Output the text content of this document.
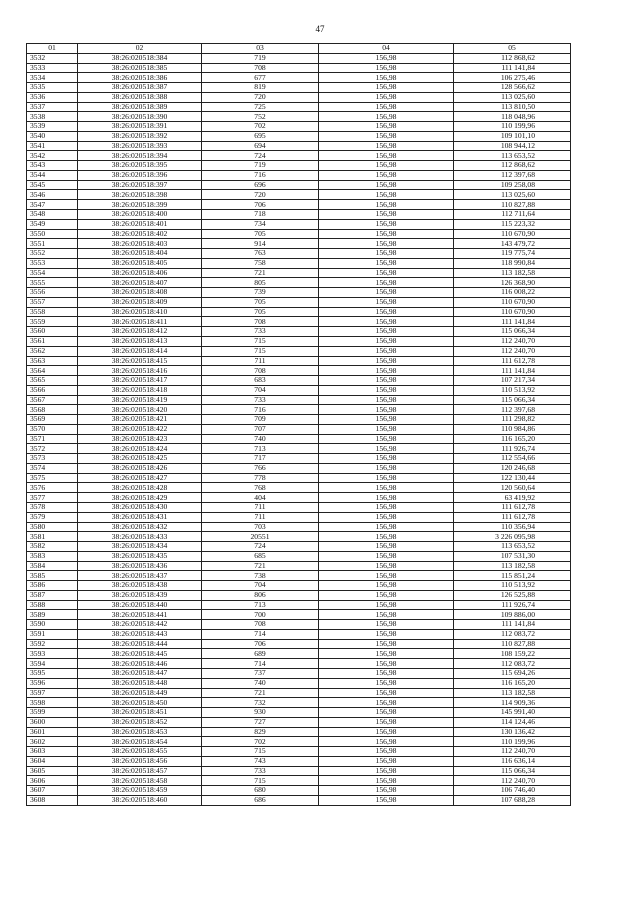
47
01	02	03	04	05
3532	38:26:020518:384	719	156,98	112 868,62
3533	38:26:020518:385	708	156,98	111 141,84
3534	38:26:020518:386	677	156,98	106 275,46
3535	38:26:020518:387	819	156,98	128 566,62
3536	38:26:020518:388	720	156,98	113 025,60
3537	38:26:020518:389	725	156,98	113 810,50
3538	38:26:020518:390	752	156,98	118 048,96
3539	38:26:020518:391	702	156,98	110 199,96
3540	38:26:020518:392	695	156,98	109 101,10
3541	38:26:020518:393	694	156,98	108 944,12
3542	38:26:020518:394	724	156,98	113 653,52
3543	38:26:020518:395	719	156,98	112 868,62
3544	38:26:020518:396	716	156,98	112 397,68
3545	38:26:020518:397	696	156,98	109 258,08
3546	38:26:020518:398	720	156,98	113 025,60
3547	38:26:020518:399	706	156,98	110 827,88
3548	38:26:020518:400	718	156,98	112 711,64
3549	38:26:020518:401	734	156,98	115 223,32
3550	38:26:020518:402	705	156,98	110 670,90
3551	38:26:020518:403	914	156,98	143 479,72
3552	38:26:020518:404	763	156,98	119 775,74
3553	38:26:020518:405	758	156,98	118 990,84
3554	38:26:020518:406	721	156,98	113 182,58
3555	38:26:020518:407	805	156,98	126 368,90
3556	38:26:020518:408	739	156,98	116 008,22
3557	38:26:020518:409	705	156,98	110 670,90
3558	38:26:020518:410	705	156,98	110 670,90
3559	38:26:020518:411	708	156,98	111 141,84
3560	38:26:020518:412	733	156,98	115 066,34
3561	38:26:020518:413	715	156,98	112 240,70
3562	38:26:020518:414	715	156,98	112 240,70
3563	38:26:020518:415	711	156,98	111 612,78
3564	38:26:020518:416	708	156,98	111 141,84
3565	38:26:020518:417	683	156,98	107 217,34
3566	38:26:020518:418	704	156,98	110 513,92
3567	38:26:020518:419	733	156,98	115 066,34
3568	38:26:020518:420	716	156,98	112 397,68
3569	38:26:020518:421	709	156,98	111 298,82
3570	38:26:020518:422	707	156,98	110 984,86
3571	38:26:020518:423	740	156,98	116 165,20
3572	38:26:020518:424	713	156,98	111 926,74
3573	38:26:020518:425	717	156,98	112 554,66
3574	38:26:020518:426	766	156,98	120 246,68
3575	38:26:020518:427	778	156,98	122 130,44
3576	38:26:020518:428	768	156,98	120 560,64
3577	38:26:020518:429	404	156,98	63 419,92
3578	38:26:020518:430	711	156,98	111 612,78
3579	38:26:020518:431	711	156,98	111 612,78
3580	38:26:020518:432	703	156,98	110 356,94
3581	38:26:020518:433	20551	156,98	3 226 095,98
3582	38:26:020518:434	724	156,98	113 653,52
3583	38:26:020518:435	685	156,98	107 531,30
3584	38:26:020518:436	721	156,98	113 182,58
3585	38:26:020518:437	738	156,98	115 851,24
3586	38:26:020518:438	704	156,98	110 513,92
3587	38:26:020518:439	806	156,98	126 525,88
3588	38:26:020518:440	713	156,98	111 926,74
3589	38:26:020518:441	700	156,98	109 886,00
3590	38:26:020518:442	708	156,98	111 141,84
3591	38:26:020518:443	714	156,98	112 083,72
3592	38:26:020518:444	706	156,98	110 827,88
3593	38:26:020518:445	689	156,98	108 159,22
3594	38:26:020518:446	714	156,98	112 083,72
3595	38:26:020518:447	737	156,98	115 694,26
3596	38:26:020518:448	740	156,98	116 165,20
3597	38:26:020518:449	721	156,98	113 182,58
3598	38:26:020518:450	732	156,98	114 909,36
3599	38:26:020518:451	930	156,98	145 991,40
3600	38:26:020518:452	727	156,98	114 124,46
3601	38:26:020518:453	829	156,98	130 136,42
3602	38:26:020518:454	702	156,98	110 199,96
3603	38:26:020518:455	715	156,98	112 240,70
3604	38:26:020518:456	743	156,98	116 636,14
3605	38:26:020518:457	733	156,98	115 066,34
3606	38:26:020518:458	715	156,98	112 240,70
3607	38:26:020518:459	680	156,98	106 746,40
3608	38:26:020518:460	686	156,98	107 688,28
